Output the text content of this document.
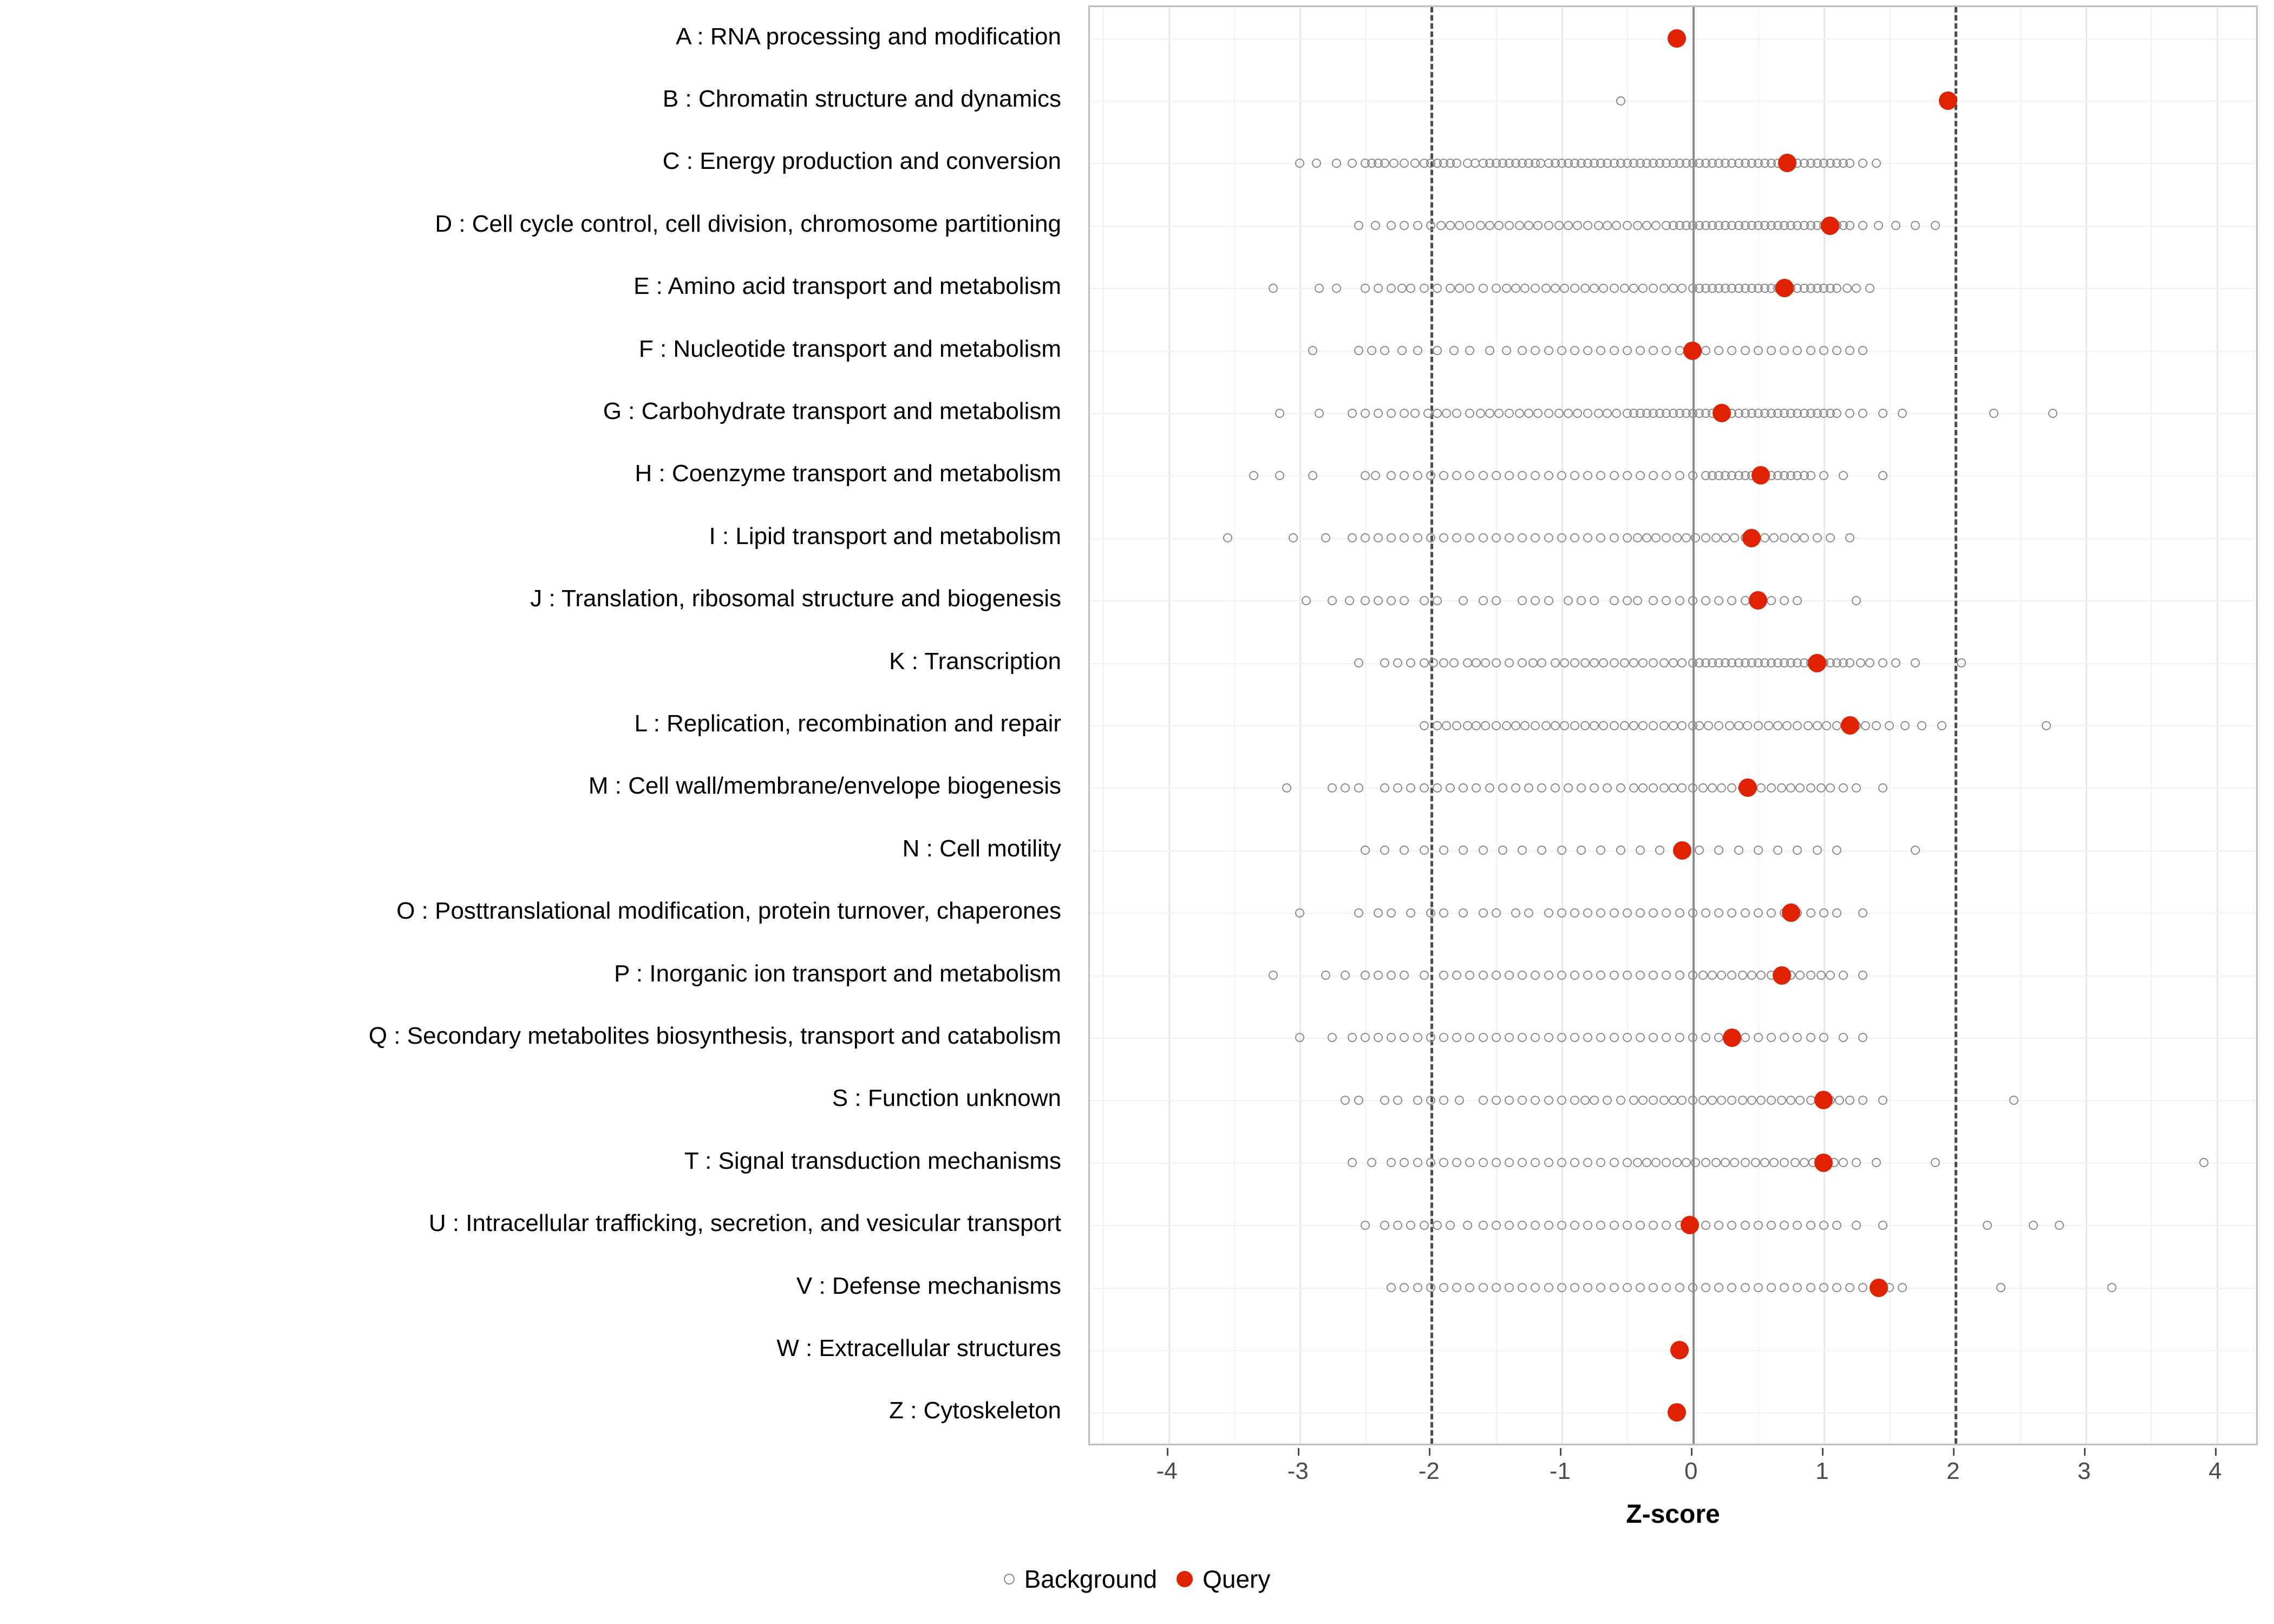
A : RNA processing and modification
B : Chromatin structure and dynamics
C : Energy production and conversion
D : Cell cycle control, cell division, chromosome partitioning
E : Amino acid transport and metabolism
F : Nucleotide transport and metabolism
G : Carbohydrate transport and metabolism
H : Coenzyme transport and metabolism
I : Lipid transport and metabolism
J : Translation, ribosomal structure and biogenesis
K : Transcription
L : Replication, recombination and repair
M : Cell wall/membrane/envelope biogenesis
N : Cell motility
O : Posttranslational modification, protein turnover, chaperones
P : Inorganic ion transport and metabolism
Q : Secondary metabolites biosynthesis, transport and catabolism
S : Function unknown
T : Signal transduction mechanisms
U : Intracellular trafficking, secretion, and vesicular transport
V : Defense mechanisms
W : Extracellular structures
Z : Cytoskeleton
-4	-3	-2	-1	0	1	2	3	4
Z-score
Background Query
